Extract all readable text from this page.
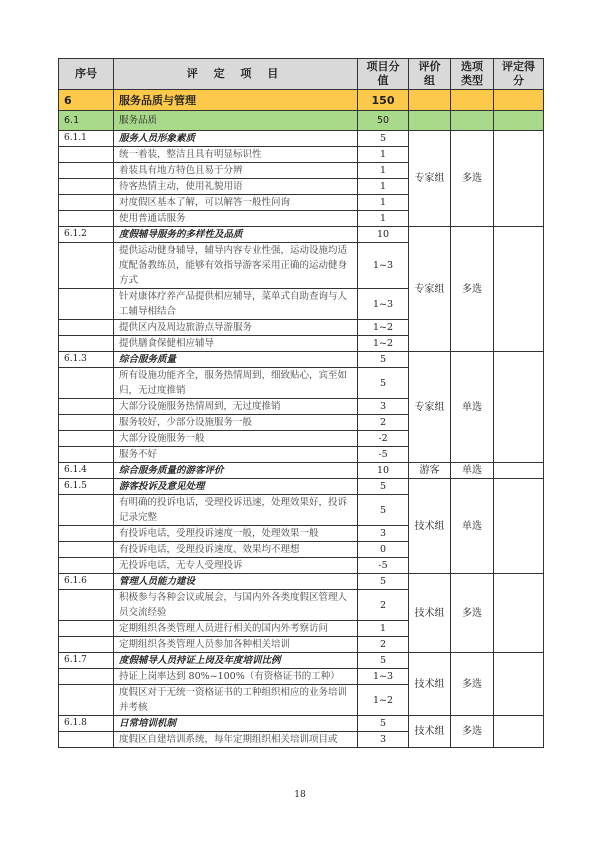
序号	评 定 项 目	项目分值	评价组	选项类型	评定得分
6	服务品质与管理	150			
6.1	服务品质	50			
6.1.1	服务人员形象素质	5	专家组	多选	
	统一着装，整洁且具有明显标识性	1			
	着装具有地方特色且易于分辨	1			
	待客热情主动，使用礼貌用语	1			
	对度假区基本了解，可以解答一般性问询	1			
	使用普通话服务	1			
6.1.2	度假辅导服务的多样性及品质	10	专家组	多选	
	提供运动健身辅导，辅导内容专业性强，运动设施均适度配备教练员，能够有效指导游客采用正确的运动健身方式	1~3			
	针对康体疗养产品提供相应辅导，菜单式自助查询与人工辅导相结合	1~3			
	提供区内及周边旅游点导游服务	1~2			
	提供膳食保健相应辅导	1~2			
6.1.3	综合服务质量	5	专家组	单选	
	所有设施功能齐全，服务热情周到，细致贴心，宾至如归，无过度推销	5			
	大部分设施服务热情周到，无过度推销	3			
	服务较好，少部分设施服务一般	2			
	大部分设施服务一般	-2			
	服务不好	-5			
6.1.4	综合服务质量的游客评价	10	游客	单选	
6.1.5	游客投诉及意见处理	5	技术组	单选	
	有明确的投诉电话，受理投诉迅速，处理效果好，投诉记录完整	5			
	有投诉电话，受理投诉速度一般，处理效果一般	3			
	有投诉电话，受理投诉速度、效果均不理想	0			
	无投诉电话，无专人受理投诉	-5			
6.1.6	管理人员能力建设	5	技术组	多选	
	积极参与各种会议或展会，与国内外各类度假区管理人员交流经验	2			
	定期组织各类管理人员进行相关的国内外考察访问	1			
	定期组织各类管理人员参加各种相关培训	2			
6.1.7	度假辅导人员持证上岗及年度培训比例	5	技术组	多选	
	持证上岗率达到 80%~100%（有资格证书的工种）	1~3			
	度假区对于无统一资格证书的工种组织相应的业务培训并考核	1~2			
6.1.8	日常培训机制	5	技术组	多选	
	度假区自建培训系统，每年定期组织相关培训项目或	3			
18
